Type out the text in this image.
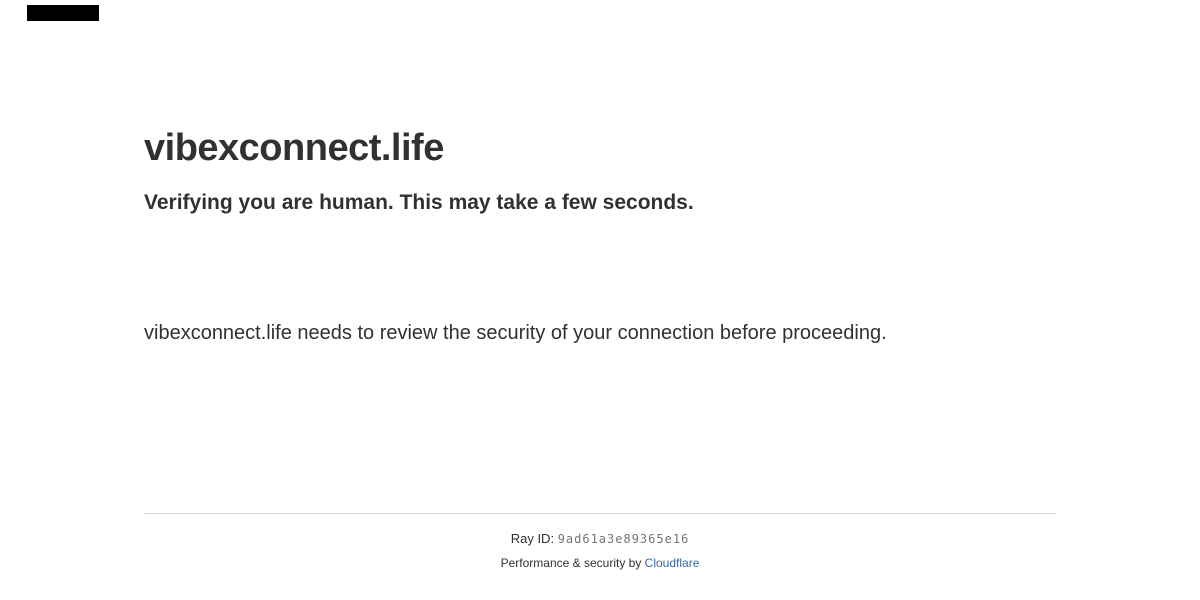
vibexconnect.life
Verifying you are human. This may take a few seconds.

vibexconnect.life needs to review the security of your connection before proceeding.

Ray ID: 9ad61a3e89365e16
Performance & security by Cloudflare
